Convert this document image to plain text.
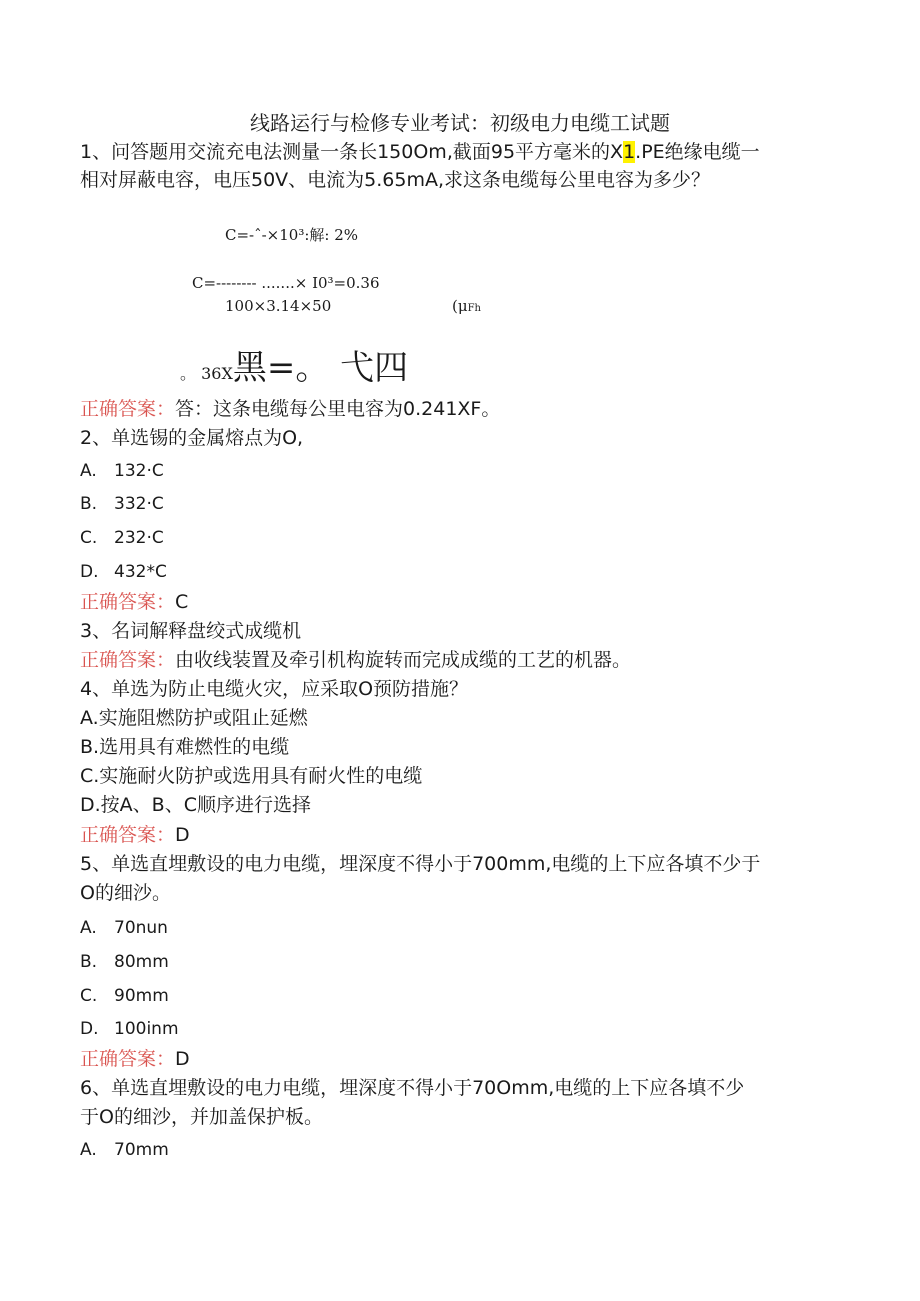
线路运行与检修专业考试：初级电力电缆工试题
1、问答题用交流充电法测量一条长150Om,截面95平方毫米的X1.PE绝缘电缆一
相对屏蔽电容，电压50V、电流为5.65mA,求这条电缆每公里电容为多少？
C=-ˆ-×10³:解: 2%
C=-------- .......× I0³=0.36
100×3.14×50	(μFh
。 36X黑=。 弋四
正确答案：答：这条电缆每公里电容为0.241XF。
2、单选锡的金属熔点为O,
A. 132·C
B. 332·C
C. 232·C
D. 432*C
正确答案：C
3、名词解释盘绞式成缆机
正确答案：由收线装置及牵引机构旋转而完成成缆的工艺的机器。
4、单选为防止电缆火灾，应采取O预防措施？
A.实施阻燃防护或阻止延燃
B.选用具有难燃性的电缆
C.实施耐火防护或选用具有耐火性的电缆
D.按A、B、C顺序进行选择
正确答案：D
5、单选直埋敷设的电力电缆，埋深度不得小于700mm,电缆的上下应各填不少于
O的细沙。
A. 70nun
B. 80mm
C. 90mm
D. 100inm
正确答案：D
6、单选直埋敷设的电力电缆，埋深度不得小于70Omm,电缆的上下应各填不少
于O的细沙，并加盖保护板。
A. 70mm
